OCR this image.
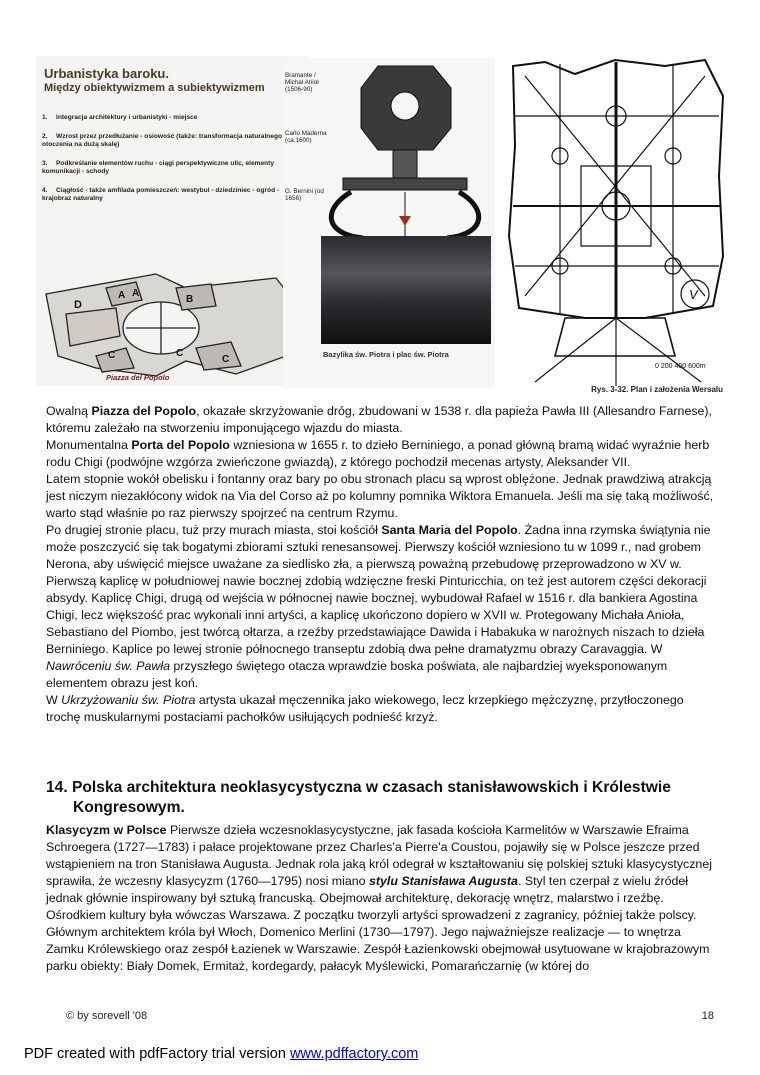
Urbanistyka baroku.
Między obiektywizmem a subiektywizmem
1. Integracja architektury i urbanistyki - miejsce
2. Wzrost przez przedłużanie - osiowość (także: transformacja naturalnego otoczenia na dużą skalę)
3. Podkreślanie elementów ruchu - ciągi perspektywiczne ulic, elementy komunikacji - schody
4. Ciągłość - także amfilada pomieszczeń: westybul - dziedziniec - ogród - krajobraz naturalny
A A
B
D
C	C
C
Piazza del Popolo
Bramante / Michał Anioł (1506-90)
Carlo Maderna (ca.1600)
G. Bernini (od 1656)
Bazylika św. Piotra i plac św. Piotra
V
0 200 400 600m
Rys. 3-32. Plan i założenia Wersalu

Owalną Piazza del Popolo, okazałe skrzyżowanie dróg, zbudowani w 1538 r. dla papieża Pawła III (Allesandro Farnese), któremu zależało na stworzeniu imponującego wjazdu do miasta.

Monumentalna Porta del Popolo wzniesiona w 1655 r. to dzieło Berniniego, a ponad główną bramą widać wyraźnie herb rodu Chigi (podwójne wzgórza zwieńczone gwiazdą), z którego pochodził mecenas artysty, Aleksander VII.

Latem stopnie wokół obelisku i fontanny oraz bary po obu stronach placu są wprost oblężone. Jednak prawdziwą atrakcją jest niczym niezakłócony widok na Via del Corso aż po kolumny pomnika Wiktora Emanuela. Jeśli ma się taką możliwość, warto stąd właśnie po raz pierwszy spojrzeć na centrum Rzymu.

Po drugiej stronie placu, tuż przy murach miasta, stoi kościół Santa Maria del Popolo. Żadna inna rzymska świątynia nie może poszczycić się tak bogatymi zbiorami sztuki renesansowej. Pierwszy kościół wzniesiono tu w 1099 r., nad grobem Nerona, aby uświęcić miejsce uważane za siedlisko zła, a pierwszą poważną przebudowę przeprowadzono w XV w.

Pierwszą kaplicę w południowej nawie bocznej zdobią wdzięczne freski Pinturicchia, on też jest autorem części dekoracji absydy. Kaplicę Chigi, drugą od wejścia w północnej nawie bocznej, wybudował Rafael w 1516 r. dla bankiera Agostina Chigi, lecz większość prac wykonali inni artyści, a kaplicę ukończono dopiero w XVII w. Protegowany Michała Anioła, Sebastiano del Piombo, jest twórcą ołtarza, a rzeźby przedstawiające Dawida i Habakuka w narożnych niszach to dzieła Berniniego. Kaplice po lewej stronie północnego transeptu zdobią dwa pełne dramatyzmu obrazy Caravaggia. W Nawróceniu św. Pawła przyszłego świętego otacza wprawdzie boska poświata, ale najbardziej wyeksponowanym elementem obrazu jest koń.

W Ukrzyżowaniu św. Piotra artysta ukazał męczennika jako wiekowego, lecz krzepkiego mężczyznę, przytłoczonego trochę muskularnymi postaciami pachołków usiłujących podnieść krzyż.

14. Polska architektura neoklasycystyczna w czasach stanisławowskich i Królestwie
Kongresowym.

Klasycyzm w Polsce Pierwsze dzieła wczesnoklasycystyczne, jak fasada kościoła Karmelitów w Warszawie Efraima Schroegera (1727—1783) i pałace projektowane przez Charles'a Pierre'a Coustou, pojawiły się w Polsce jeszcze przed wstąpieniem na tron Stanisława Augusta. Jednak rola jaką król odegrał w kształtowaniu się polskiej sztuki klasycystycznej sprawiła, że wczesny klasycyzm (1760—1795) nosi miano stylu Stanisława Augusta. Styl ten czerpał z wielu źródeł jednak głównie inspirowany był sztuką francuską. Obejmował architekturę, dekorację wnętrz, malarstwo i rzeźbę.

Ośrodkiem kultury była wówczas Warszawa. Z początku tworzyli artyści sprowadzeni z zagranicy, później także polscy. Głównym architektem króla był Włoch, Domenico Merlini (1730—1797). Jego najważniejsze realizacje — to wnętrza Zamku Królewskiego oraz zespół Łazienek w Warszawie. Zespół Łazienkowski obejmował usytuowane w krajobrazowym parku obiekty: Biały Domek, Ermitaż, kordegardy, pałacyk Myślewicki, Pomarańczarnię (w której do

© by sorevell '08	18
PDF created with pdfFactory trial version www.pdffactory.com
